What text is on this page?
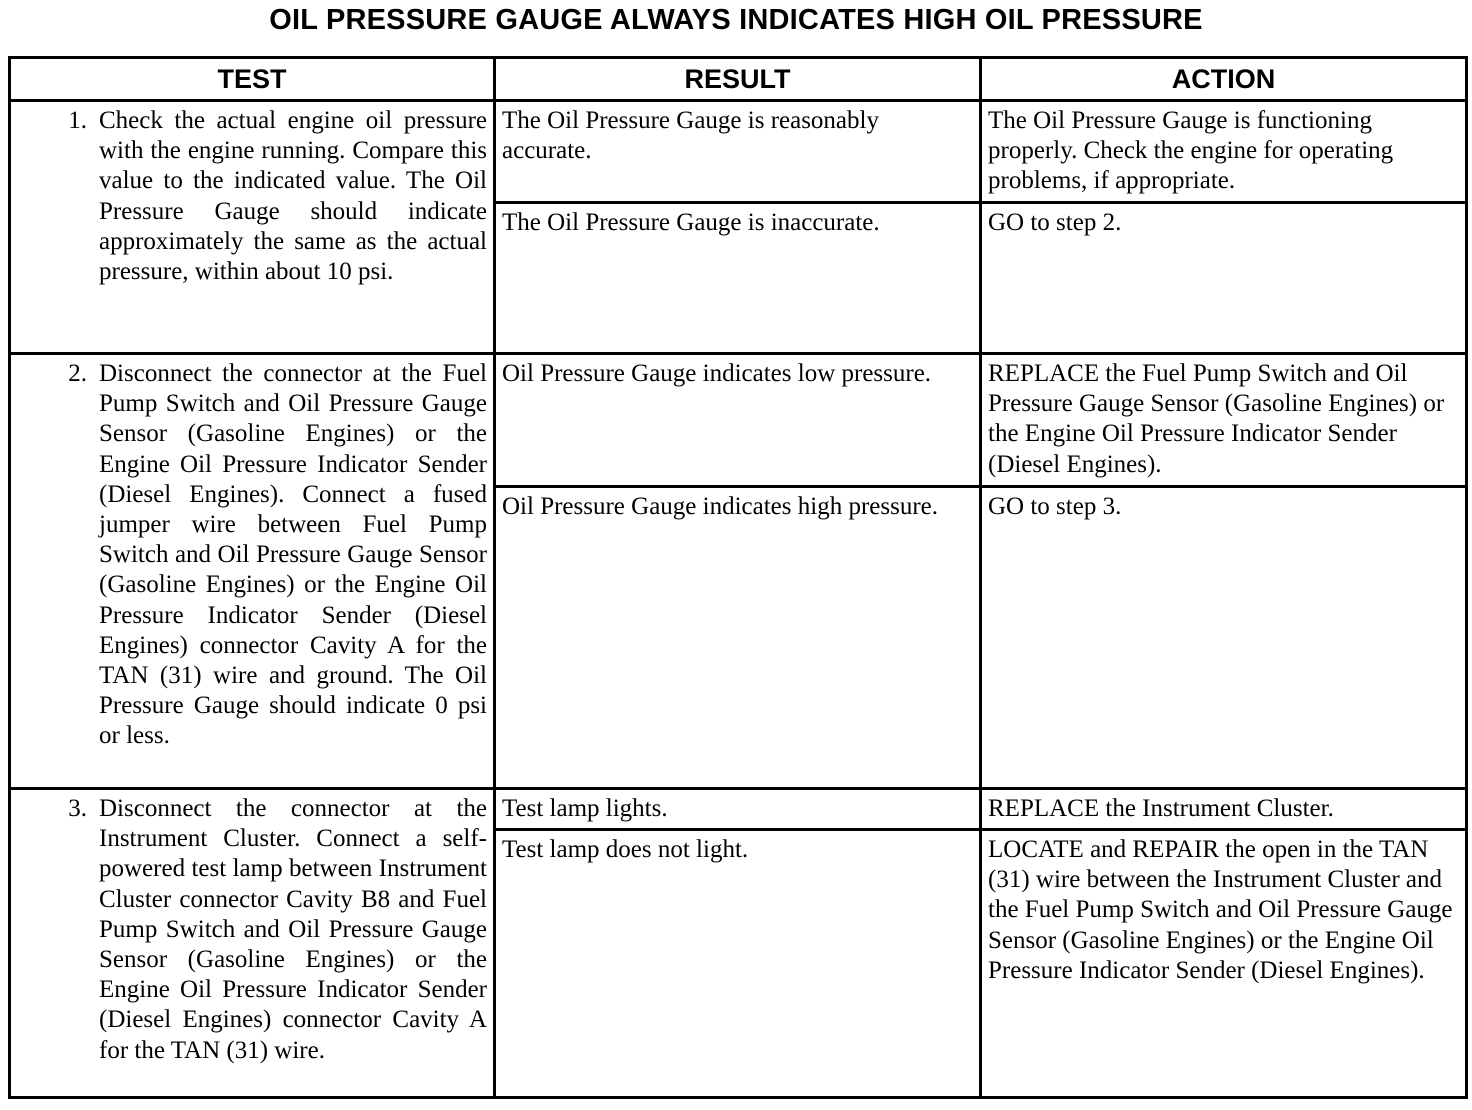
OIL PRESSURE GAUGE ALWAYS INDICATES HIGH OIL PRESSURE
TEST	RESULT	ACTION

1. Check the actual engine oil pressure with the engine running. Compare this value to the indicated value. The Oil Pressure Gauge should indicate approximately the same as the actual pressure, within about 10 psi.	The Oil Pressure Gauge is reasonably accurate.	The Oil Pressure Gauge is functioning properly. Check the engine for operating problems, if appropriate.
	The Oil Pressure Gauge is inaccurate.	GO to step 2.

2. Disconnect the connector at the Fuel Pump Switch and Oil Pressure Gauge Sensor (Gasoline Engines) or the Engine Oil Pressure Indicator Sender (Diesel Engines). Connect a fused jumper wire between Fuel Pump Switch and Oil Pressure Gauge Sensor (Gasoline Engines) or the Engine Oil Pressure Indicator Sender (Diesel Engines) connector Cavity A for the TAN (31) wire and ground. The Oil Pressure Gauge should indicate 0 psi or less.	Oil Pressure Gauge indicates low pressure.	REPLACE the Fuel Pump Switch and Oil Pressure Gauge Sensor (Gasoline Engines) or the Engine Oil Pressure Indicator Sender (Diesel Engines).
	Oil Pressure Gauge indicates high pressure.	GO to step 3.

3. Disconnect the connector at the Instrument Cluster. Connect a self-powered test lamp between Instrument Cluster connector Cavity B8 and Fuel Pump Switch and Oil Pressure Gauge Sensor (Gasoline Engines) or the Engine Oil Pressure Indicator Sender (Diesel Engines) connector Cavity A for the TAN (31) wire.	Test lamp lights.	REPLACE the Instrument Cluster.
	Test lamp does not light.	LOCATE and REPAIR the open in the TAN (31) wire between the Instrument Cluster and the Fuel Pump Switch and Oil Pressure Gauge Sensor (Gasoline Engines) or the Engine Oil Pressure Indicator Sender (Diesel Engines).
